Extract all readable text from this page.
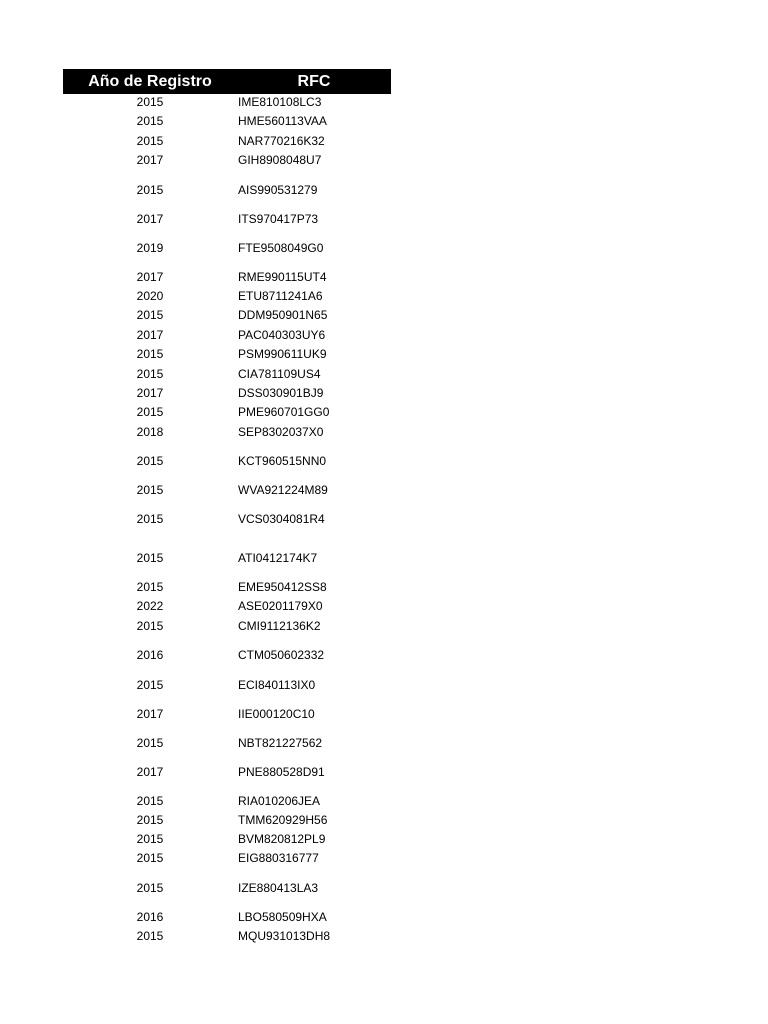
Año de Registro	RFC
2015	IME810108LC3
2015	HME560113VAA
2015	NAR770216K32
2017	GIH8908048U7
2015	AIS990531279
2017	ITS970417P73
2019	FTE9508049G0
2017	RME990115UT4
2020	ETU8711241A6
2015	DDM950901N65
2017	PAC040303UY6
2015	PSM990611UK9
2015	CIA781109US4
2017	DSS030901BJ9
2015	PME960701GG0
2018	SEP8302037X0
2015	KCT960515NN0
2015	WVA921224M89
2015	VCS0304081R4
2015	ATI0412174K7
2015	EME950412SS8
2022	ASE0201179X0
2015	CMI9112136K2
2016	CTM050602332
2015	ECI840113IX0
2017	IIE000120C10
2015	NBT821227562
2017	PNE880528D91
2015	RIA010206JEA
2015	TMM620929H56
2015	BVM820812PL9
2015	EIG880316777
2015	IZE880413LA3
2016	LBO580509HXA
2015	MQU931013DH8
